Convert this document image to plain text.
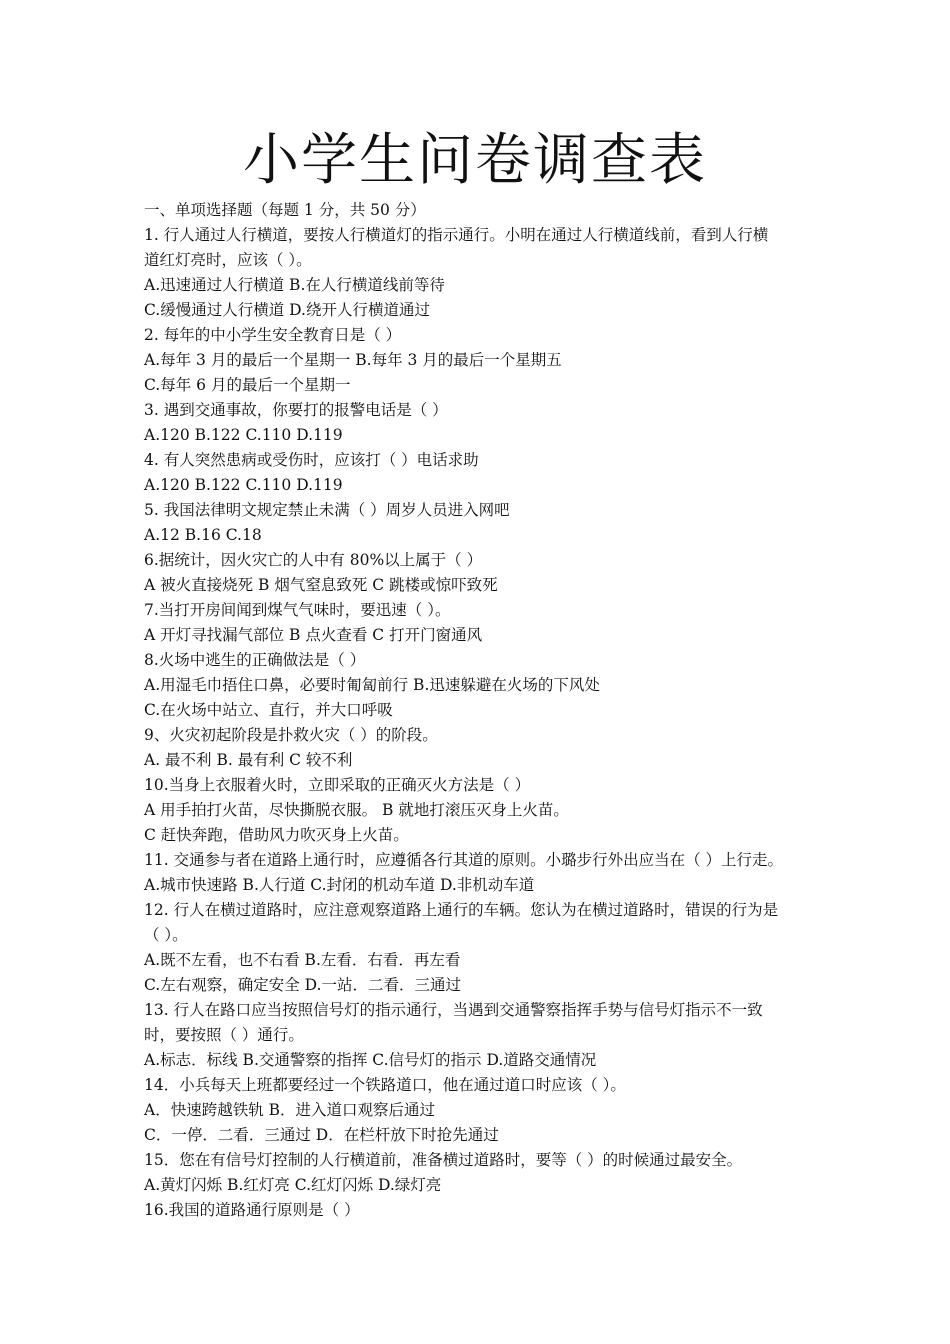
小学生问卷调查表
一、单项选择题（每题 1 分，共 50 分）
1. 行人通过人行横道，要按人行横道灯的指示通行。小明在通过人行横道线前，看到人行横
道红灯亮时，应该（ ）。
A.迅速通过人行横道 B.在人行横道线前等待
C.缓慢通过人行横道 D.绕开人行横道通过
2. 每年的中小学生安全教育日是（ ）
A.每年 3 月的最后一个星期一 B.每年 3 月的最后一个星期五
C.每年 6 月的最后一个星期一
3. 遇到交通事故，你要打的报警电话是（ ）
A.120 B.122 C.110 D.119
4. 有人突然患病或受伤时，应该打（ ）电话求助
A.120 B.122 C.110 D.119
5. 我国法律明文规定禁止未满（ ）周岁人员进入网吧
A.12 B.16 C.18
6.据统计，因火灾亡的人中有 80%以上属于（ ）
A 被火直接烧死 B 烟气窒息致死 C 跳楼或惊吓致死
7.当打开房间闻到煤气气味时，要迅速（ ）。
A 开灯寻找漏气部位 B 点火查看 C 打开门窗通风
8.火场中逃生的正确做法是（ ）
A.用湿毛巾捂住口鼻，必要时匍匐前行 B.迅速躲避在火场的下风处
C.在火场中站立、直行，并大口呼吸
9、火灾初起阶段是扑救火灾（ ）的阶段。
A. 最不利 B. 最有利 C 较不利
10.当身上衣服着火时，立即采取的正确灭火方法是（ ）
A 用手拍打火苗，尽快撕脱衣服。 B 就地打滚压灭身上火苗。
C 赶快奔跑，借助风力吹灭身上火苗。
11. 交通参与者在道路上通行时，应遵循各行其道的原则。小璐步行外出应当在（ ）上行走。
A.城市快速路 B.人行道 C.封闭的机动车道 D.非机动车道
12. 行人在横过道路时，应注意观察道路上通行的车辆。您认为在横过道路时，错误的行为是
（ ）。
A.既不左看，也不右看 B.左看．右看．再左看
C.左右观察，确定安全 D.一站．二看．三通过
13. 行人在路口应当按照信号灯的指示通行，当遇到交通警察指挥手势与信号灯指示不一致
时，要按照（ ）通行。
A.标志．标线 B.交通警察的指挥 C.信号灯的指示 D.道路交通情况
14．小兵每天上班都要经过一个铁路道口，他在通过道口时应该（ ）。
A．快速跨越铁轨 B．进入道口观察后通过
C．一停．二看．三通过 D．在栏杆放下时抢先通过
15．您在有信号灯控制的人行横道前，准备横过道路时，要等（ ）的时候通过最安全。
A.黄灯闪烁 B.红灯亮 C.红灯闪烁 D.绿灯亮
16.我国的道路通行原则是（ ）
